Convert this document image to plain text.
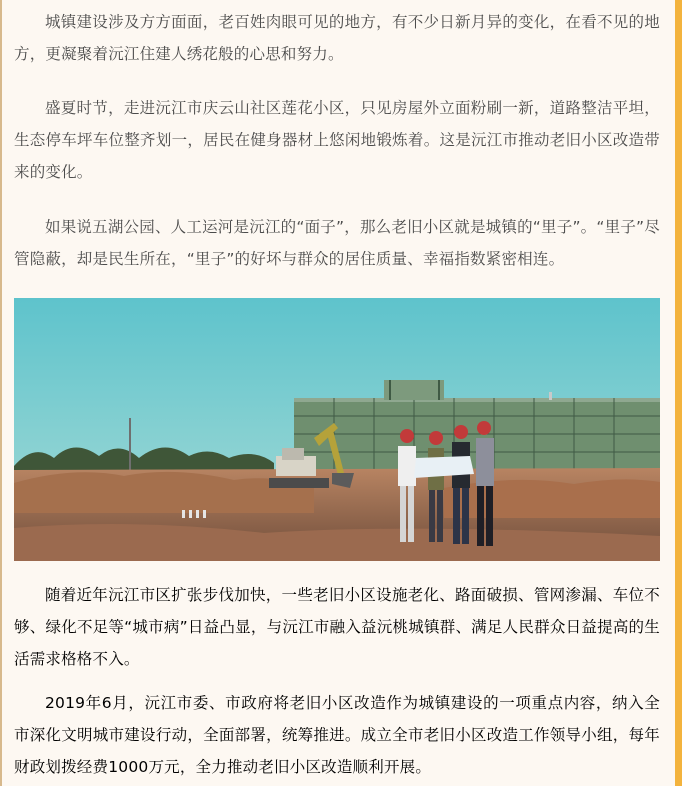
城镇建设涉及方方面面，老百姓肉眼可见的地方，有不少日新月异的变化，在看不见的地方，更凝聚着沅江住建人绣花般的心思和努力。

盛夏时节，走进沅江市庆云山社区莲花小区，只见房屋外立面粉刷一新，道路整洁平坦，生态停车坪车位整齐划一，居民在健身器材上悠闲地锻炼着。这是沅江市推动老旧小区改造带来的变化。

如果说五湖公园、人工运河是沅江的“面子”，那么老旧小区就是城镇的“里子”。“里子”尽管隐蔽，却是民生所在，“里子”的好坏与群众的居住质量、幸福指数紧密相连。

随着近年沅江市区扩张步伐加快，一些老旧小区设施老化、路面破损、管网渗漏、车位不够、绿化不足等“城市病”日益凸显，与沅江市融入益沅桃城镇群、满足人民群众日益提高的生活需求格格不入。

2019年6月，沅江市委、市政府将老旧小区改造作为城镇建设的一项重点内容，纳入全市深化文明城市建设行动，全面部署，统筹推进。成立全市老旧小区改造工作领导小组，每年财政划拨经费1000万元，全力推动老旧小区改造顺利开展。
